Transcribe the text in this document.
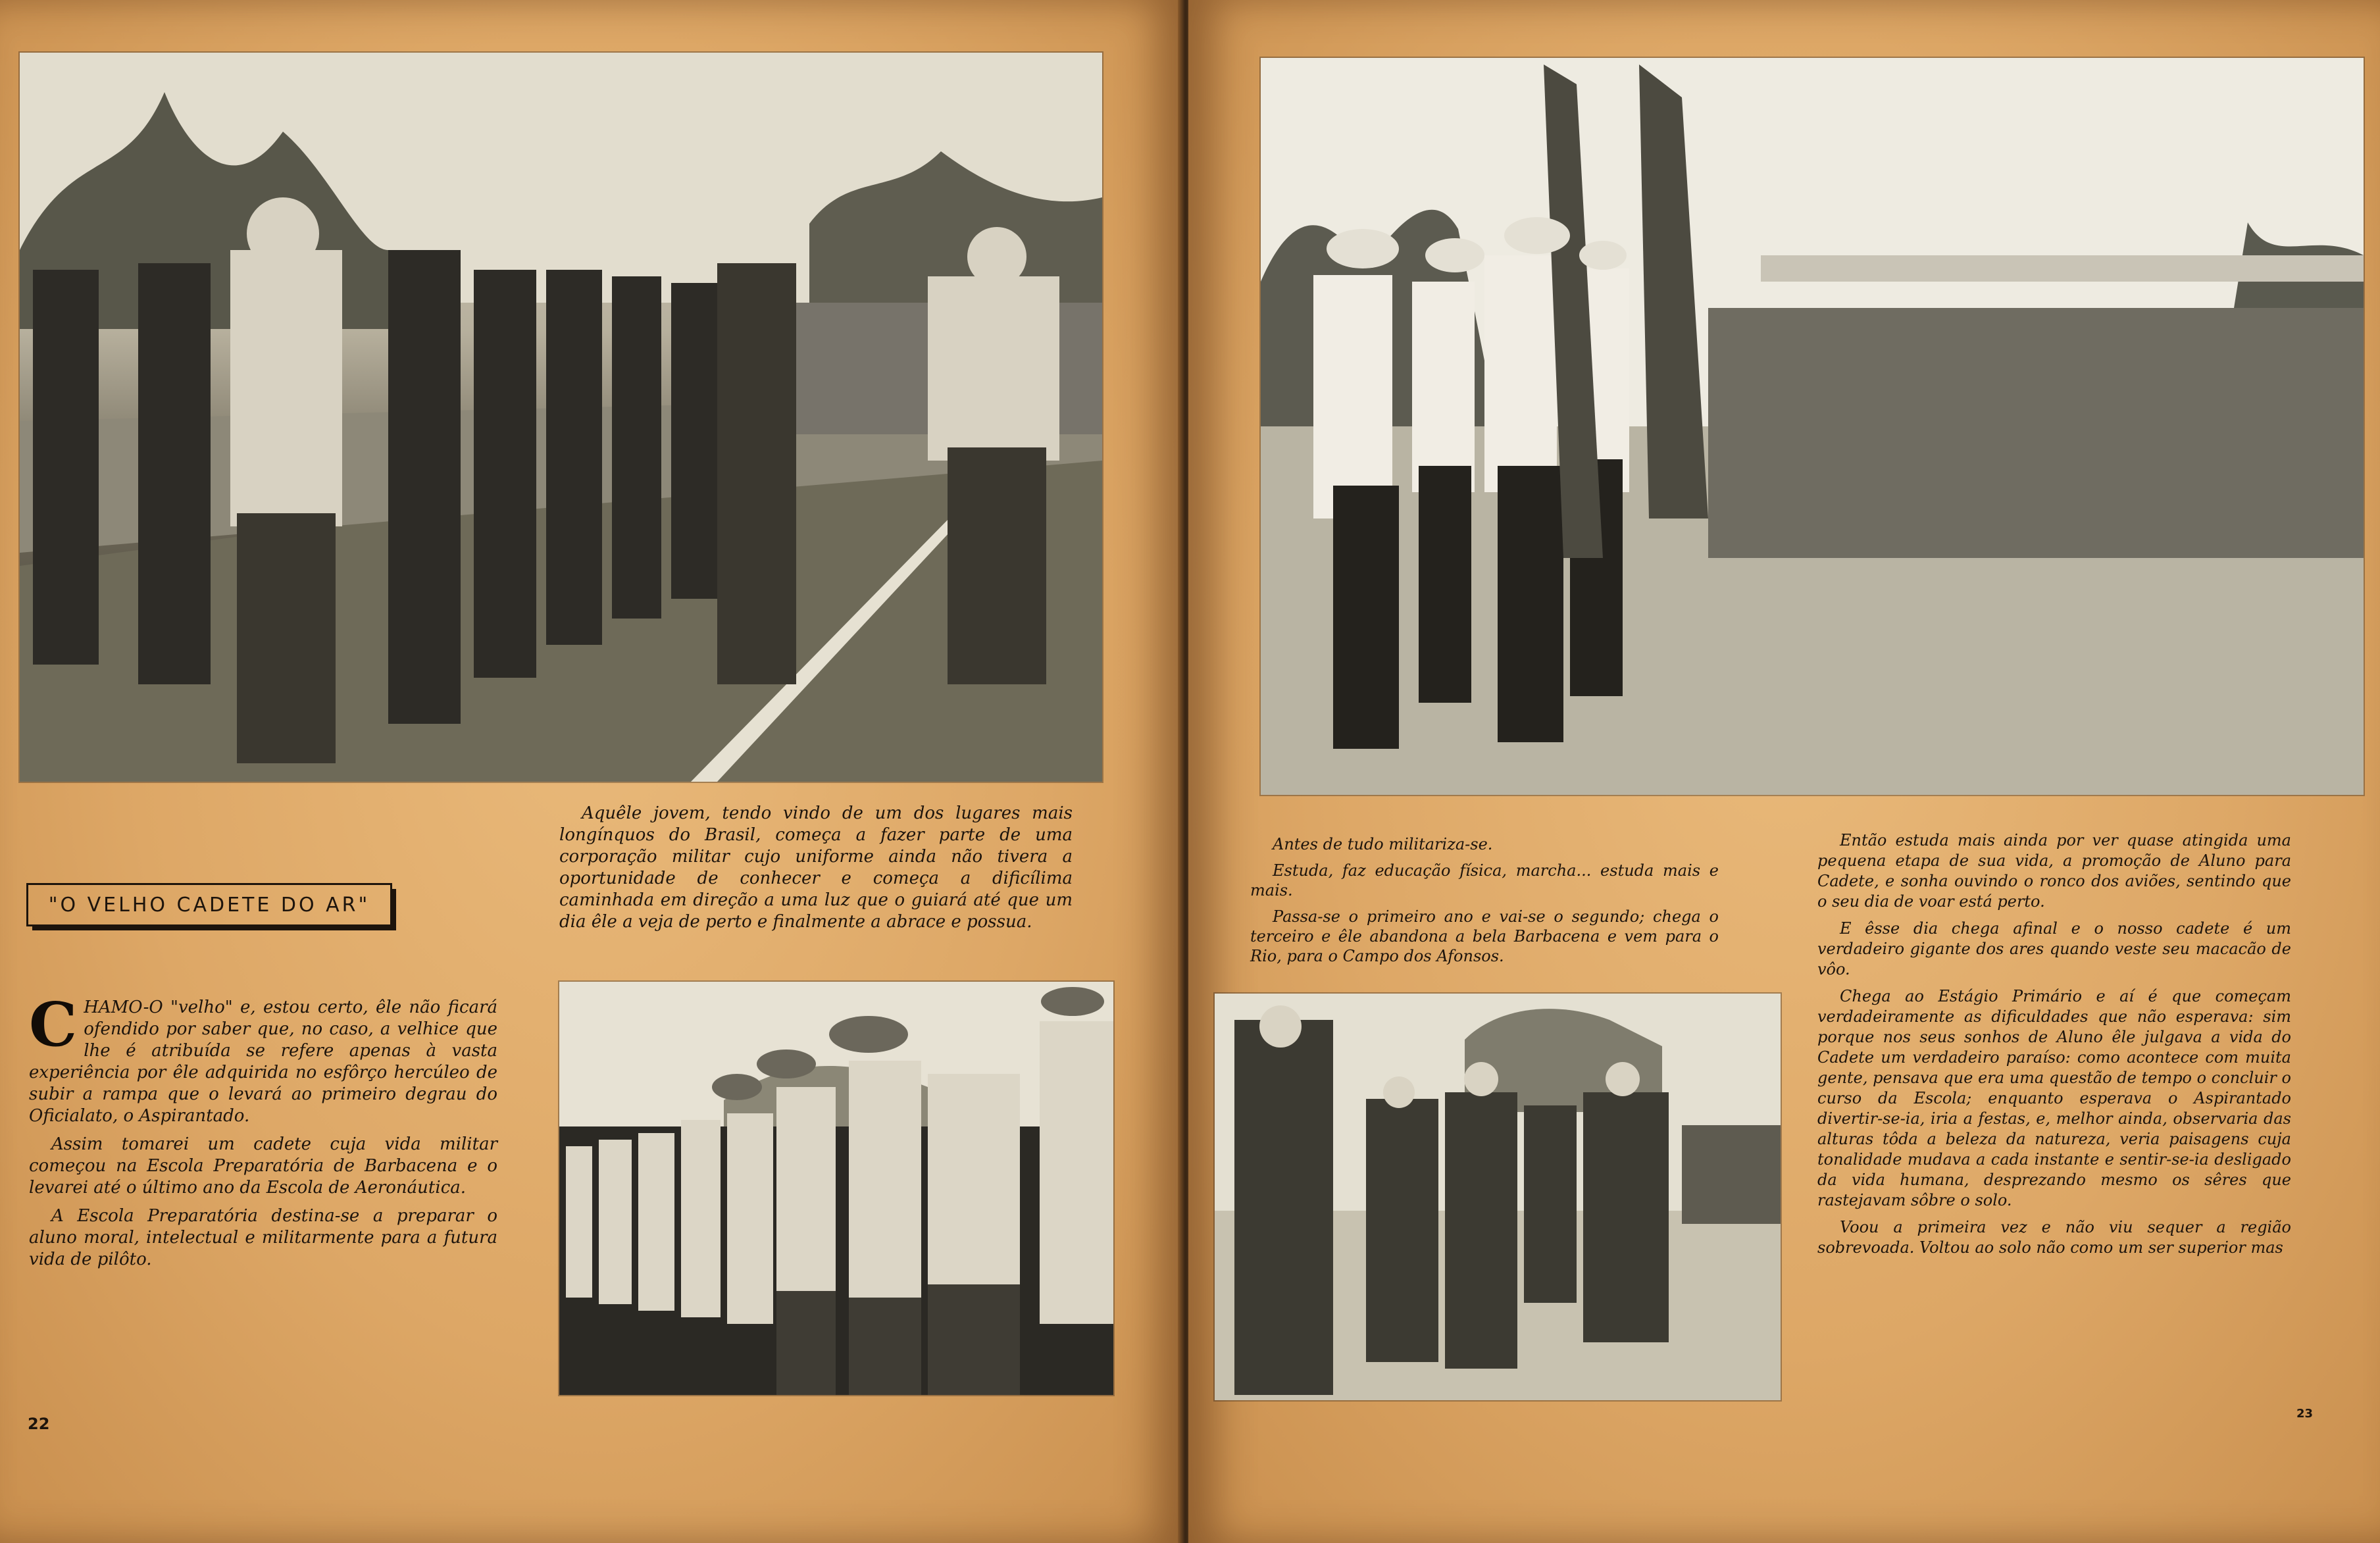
Aquêle jovem, tendo vindo de um dos lugares mais longínquos do Brasil, começa a fazer parte de uma corporação militar cujo uniforme ainda não tivera a oportunidade de conhecer e começa a dificílima caminhada em direção a uma luz que o guiará até que um dia êle a veja de perto e finalmente a abrace e possua.

"O VELHO CADETE DO AR"

CHAMO-O "velho" e, estou certo, êle não ficará ofendido por saber que, no caso, a velhice que lhe é atribuída se refere apenas à vasta experiência por êle adquirida no esfôrço hercúleo de subir a rampa que o levará ao primeiro degrau do Oficialato, o Aspirantado.

Assim tomarei um cadete cuja vida militar começou na Escola Preparatória de Barbacena e o levarei até o último ano da Escola de Aeronáutica.

A Escola Preparatória destina-se a preparar o aluno moral, intelectual e militarmente para a futura vida de pilôto.

22

Antes de tudo militariza-se.

Estuda, faz educação física, marcha... estuda mais e mais.

Passa-se o primeiro ano e vai-se o segundo; chega o terceiro e êle abandona a bela Barbacena e vem para o Rio, para o Campo dos Afonsos.

Então estuda mais ainda por ver quase atingida uma pequena etapa de sua vida, a promoção de Aluno para Cadete, e sonha ouvindo o ronco dos aviões, sentindo que o seu dia de voar está perto.

E êsse dia chega afinal e o nosso cadete é um verdadeiro gigante dos ares quando veste seu macacão de vôo.

Chega ao Estágio Primário e aí é que começam verdadeiramente as dificuldades que não esperava: sim porque nos seus sonhos de Aluno êle julgava a vida do Cadete um verdadeiro paraíso: como acontece com muita gente, pensava que era uma questão de tempo o concluir o curso da Escola; enquanto esperava o Aspirantado divertir-se-ia, iria a festas, e, melhor ainda, observaria das alturas tôda a beleza da natureza, veria paisagens cuja tonalidade mudava a cada instante e sentir-se-ia desligado da vida humana, desprezando mesmo os sêres que rastejavam sôbre o solo.

Voou a primeira vez e não viu sequer a região sobrevoada. Voltou ao solo não como um ser superior mas

23
